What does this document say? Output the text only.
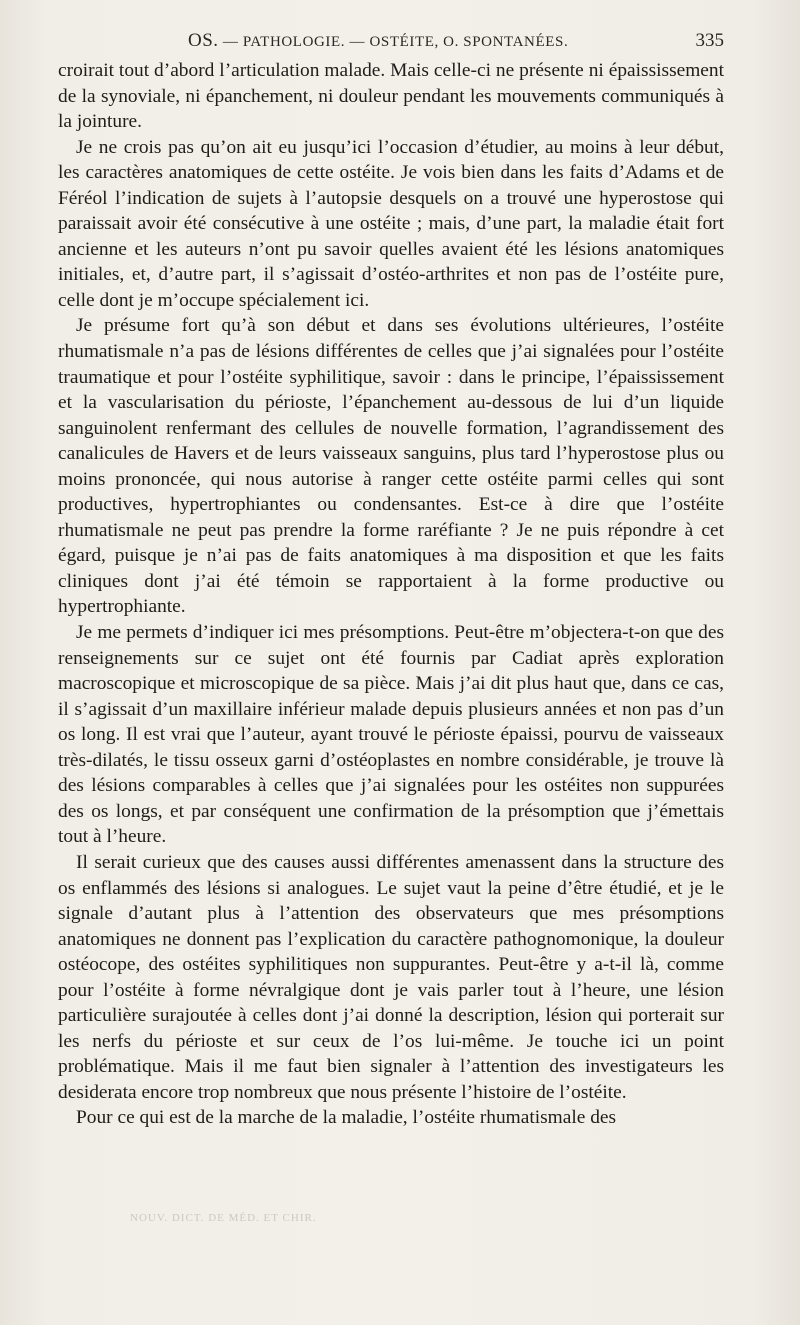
OS. — PATHOLOGIE. — OSTÉITE, O. SPONTANÉES.	335

croirait tout d’abord l’articulation malade. Mais celle-ci ne présente ni épaississement de la synoviale, ni épanchement, ni douleur pendant les mouvements communiqués à la jointure.

Je ne crois pas qu’on ait eu jusqu’ici l’occasion d’étudier, au moins à leur début, les caractères anatomiques de cette ostéite. Je vois bien dans les faits d’Adams et de Féréol l’indication de sujets à l’autopsie desquels on a trouvé une hyperostose qui paraissait avoir été consécutive à une ostéite ; mais, d’une part, la maladie était fort ancienne et les auteurs n’ont pu savoir quelles avaient été les lésions anatomiques initiales, et, d’autre part, il s’agissait d’ostéo-arthrites et non pas de l’ostéite pure, celle dont je m’occupe spécialement ici.

Je présume fort qu’à son début et dans ses évolutions ultérieures, l’ostéite rhumatismale n’a pas de lésions différentes de celles que j’ai signalées pour l’ostéite traumatique et pour l’ostéite syphilitique, savoir : dans le principe, l’épaississement et la vascularisation du périoste, l’épanchement au-dessous de lui d’un liquide sanguinolent renfermant des cellules de nouvelle formation, l’agrandissement des canalicules de Havers et de leurs vaisseaux sanguins, plus tard l’hyperostose plus ou moins prononcée, qui nous autorise à ranger cette ostéite parmi celles qui sont productives, hypertrophiantes ou condensantes. Est-ce à dire que l’ostéite rhumatismale ne peut pas prendre la forme raréfiante ? Je ne puis répondre à cet égard, puisque je n’ai pas de faits anatomiques à ma disposition et que les faits cliniques dont j’ai été témoin se rapportaient à la forme productive ou hypertrophiante.

Je me permets d’indiquer ici mes présomptions. Peut-être m’objectera-t-on que des renseignements sur ce sujet ont été fournis par Cadiat après exploration macroscopique et microscopique de sa pièce. Mais j’ai dit plus haut que, dans ce cas, il s’agissait d’un maxillaire inférieur malade depuis plusieurs années et non pas d’un os long. Il est vrai que l’auteur, ayant trouvé le périoste épaissi, pourvu de vaisseaux très-dilatés, le tissu osseux garni d’ostéoplastes en nombre considérable, je trouve là des lésions comparables à celles que j’ai signalées pour les ostéites non suppurées des os longs, et par conséquent une confirmation de la présomption que j’émettais tout à l’heure.

Il serait curieux que des causes aussi différentes amenassent dans la structure des os enflammés des lésions si analogues. Le sujet vaut la peine d’être étudié, et je le signale d’autant plus à l’attention des observateurs que mes présomptions anatomiques ne donnent pas l’explication du caractère pathognomonique, la douleur ostéocope, des ostéites syphilitiques non suppurantes. Peut-être y a-t-il là, comme pour l’ostéite à forme névralgique dont je vais parler tout à l’heure, une lésion particulière surajoutée à celles dont j’ai donné la description, lésion qui porterait sur les nerfs du périoste et sur ceux de l’os lui-même. Je touche ici un point problématique. Mais il me faut bien signaler à l’attention des investigateurs les desiderata encore trop nombreux que nous présente l’histoire de l’ostéite.

Pour ce qui est de la marche de la maladie, l’ostéite rhumatismale des

NOUV. DICT. DE MÉD. ET CHIR.
